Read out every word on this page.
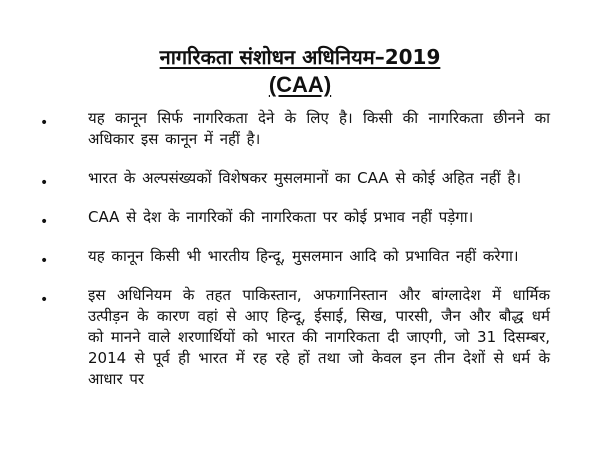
नागरिकता संशोधन अधिनियम–2019
(CAA)
•	यह कानून सिर्फ नागरिकता देने के लिए है। किसी की नागरिकता छीनने का अधिकार इस कानून में नहीं है।
•	भारत के अल्पसंख्यकों विशेषकर मुसलमानों का CAA से कोई अहित नहीं है।
•	CAA से देश के नागरिकों की नागरिकता पर कोई प्रभाव नहीं पड़ेगा।
•	यह कानून किसी भी भारतीय हिन्दू, मुसलमान आदि को प्रभावित नहीं करेगा।
•	इस अधिनियम के तहत पाकिस्तान, अफगानिस्तान और बांग्लादेश में धार्मिक उत्पीड़न के कारण वहां से आए हिन्दू, ईसाई, सिख, पारसी, जैन और बौद्ध धर्म को मानने वाले शरणार्थियों को भारत की नागरिकता दी जाएगी, जो 31 दिसम्बर, 2014 से पूर्व ही भारत में रह रहे हों तथा जो केवल इन तीन देशों से धर्म के आधार पर
